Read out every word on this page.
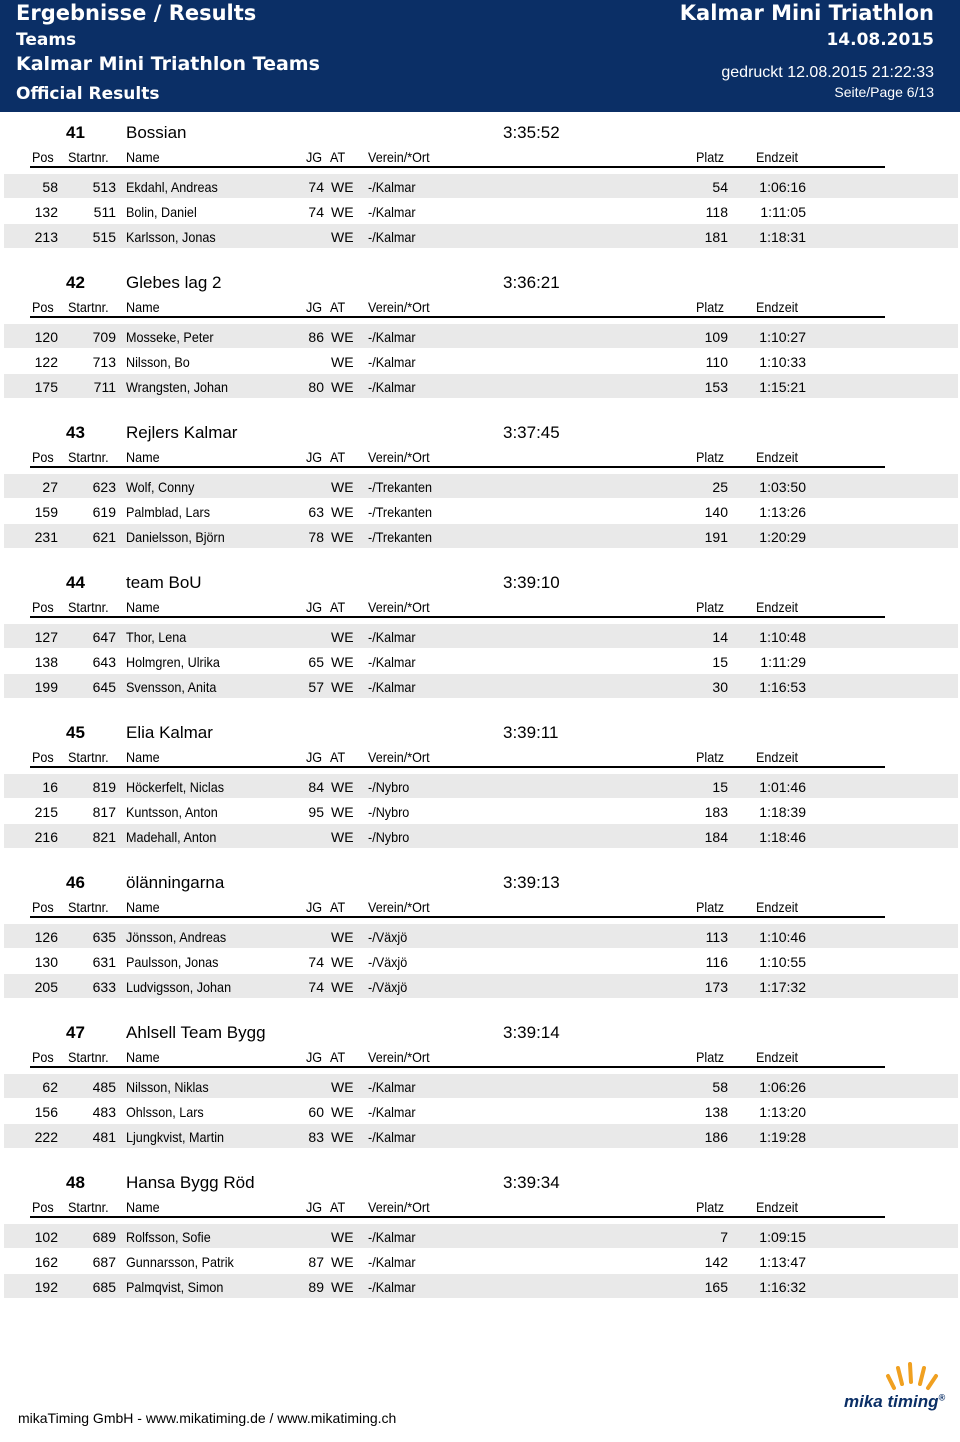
Ergebnisse / Results	Kalmar Mini Triathlon
Teams	14.08.2015
Kalmar Mini Triathlon Teams
Official Results
gedruckt 12.08.2015 21:22:33
Seite/Page 6/13
41 Bossian	3:35:52
Pos Startnr. Name	JG AT Verein/*Ort	Platz Endzeit
58	513 Ekdahl, Andreas	74 WE -/Kalmar	54	1:06:16
132	511 Bolin, Daniel	74 WE -/Kalmar	118	1:11:05
213	515 Karlsson, Jonas	WE -/Kalmar	181	1:18:31
42 Glebes lag 2	3:36:21
Pos Startnr. Name	JG AT Verein/*Ort	Platz Endzeit
120	709 Mosseke, Peter	86 WE -/Kalmar	109	1:10:27
122	713 Nilsson, Bo	WE -/Kalmar	110	1:10:33
175	711 Wrangsten, Johan	80 WE -/Kalmar	153	1:15:21
43 Rejlers Kalmar	3:37:45
Pos Startnr. Name	JG AT Verein/*Ort	Platz Endzeit
27	623 Wolf, Conny	WE -/Trekanten	25	1:03:50
159	619 Palmblad, Lars	63 WE -/Trekanten	140	1:13:26
231	621 Danielsson, Björn	78 WE -/Trekanten	191	1:20:29
44 team BoU	3:39:10
Pos Startnr. Name	JG AT Verein/*Ort	Platz Endzeit
127	647 Thor, Lena	WE -/Kalmar	14	1:10:48
138	643 Holmgren, Ulrika	65 WE -/Kalmar	15	1:11:29
199	645 Svensson, Anita	57 WE -/Kalmar	30	1:16:53
45 Elia Kalmar	3:39:11
Pos Startnr. Name	JG AT Verein/*Ort	Platz Endzeit
16	819 Höckerfelt, Niclas	84 WE -/Nybro	15	1:01:46
215	817 Kuntsson, Anton	95 WE -/Nybro	183	1:18:39
216	821 Madehall, Anton	WE -/Nybro	184	1:18:46
46 ölänningarna	3:39:13
Pos Startnr. Name	JG AT Verein/*Ort	Platz Endzeit
126	635 Jönsson, Andreas	WE -/Växjö	113	1:10:46
130	631 Paulsson, Jonas	74 WE -/Växjö	116	1:10:55
205	633 Ludvigsson, Johan	74 WE -/Växjö	173	1:17:32
47 Ahlsell Team Bygg	3:39:14
Pos Startnr. Name	JG AT Verein/*Ort	Platz Endzeit
62	485 Nilsson, Niklas	WE -/Kalmar	58	1:06:26
156	483 Ohlsson, Lars	60 WE -/Kalmar	138	1:13:20
222	481 Ljungkvist, Martin	83 WE -/Kalmar	186	1:19:28
48 Hansa Bygg Röd	3:39:34
Pos Startnr. Name	JG AT Verein/*Ort	Platz Endzeit
102	689 Rolfsson, Sofie	WE -/Kalmar	7	1:09:15
162	687 Gunnarsson, Patrik	87 WE -/Kalmar	142	1:13:47
192	685 Palmqvist, Simon	89 WE -/Kalmar	165	1:16:32
mikaTiming GmbH - www.mikatiming.de / www.mikatiming.ch
mika timing®
